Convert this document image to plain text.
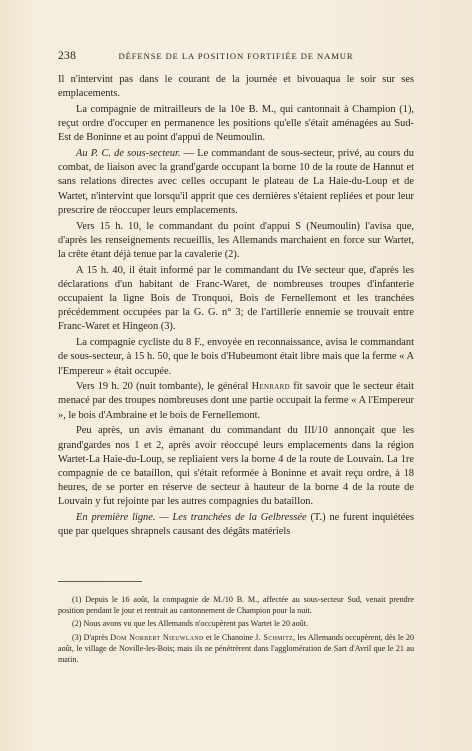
238	DÉFENSE DE LA POSITION FORTIFIÉE DE NAMUR

Il n'intervint pas dans le courant de la journée et bivouaqua le soir sur ses emplacements.

La compagnie de mitrailleurs de la 10e B. M., qui cantonnait à Champion (1), reçut ordre d'occuper en permanence les positions qu'elle s'était aménagées au Sud-Est de Boninne et au point d'appui de Neumoulin.

Au P. C. de sous-secteur. — Le commandant de sous-secteur, privé, au cours du combat, de liaison avec la grand'garde occupant la borne 10 de la route de Hannut et sans relations directes avec celles occupant le plateau de La Haie-du-Loup et de Wartet, n'intervint que lorsqu'il apprit que ces dernières s'étaient repliées et pour leur prescrire de réoccuper leurs emplacements.

Vers 15 h. 10, le commandant du point d'appui S (Neumoulin) l'avisa que, d'après les renseignements recueillis, les Allemands marchaient en force sur Wartet, la crête étant déjà tenue par la cavalerie (2).

A 15 h. 40, il était informé par le commandant du IVe secteur que, d'après les déclarations d'un habitant de Franc-Waret, de nombreuses troupes d'infanterie occupaient la ligne Bois de Tronquoi, Bois de Fernellemont et les tranchées précédemment occupées par la G. G. n° 3; de l'artillerie ennemie se trouvait entre Franc-Waret et Hingeon (3).

La compagnie cycliste du 8 F., envoyée en reconnaissance, avisa le commandant de sous-secteur, à 15 h. 50, que le bois d'Hubeumont était libre mais que la ferme « A l'Empereur » était occupée.

Vers 19 h. 20 (nuit tombante), le général Henrard fit savoir que le secteur était menacé par des troupes nombreuses dont une partie occupait la ferme « A l'Empereur », le bois d'Ambraine et le bois de Fernellemont.

Peu après, un avis émanant du commandant du III/10 annonçait que les grand'gardes nos 1 et 2, après avoir réoccupé leurs emplacements dans la région Wartet-La Haie-du-Loup, se repliaient vers la borne 4 de la route de Louvain. La 1re compagnie de ce bataillon, qui s'était reformée à Boninne et avait reçu ordre, à 18 heures, de se porter en réserve de secteur à hauteur de la borne 4 de la route de Louvain y fut rejointe par les autres compagnies du bataillon.

En première ligne. — Les tranchées de la Gelbressée (T.) ne furent inquiétées que par quelques shrapnels causant des dégâts matériels

(1) Depuis le 16 août, la compagnie de M./10 B. M., affectée au sous-secteur Sud, venait prendre position pendant le jour et rentrait au cantonnement de Champion pour la nuit.

(2) Nous avons vu que les Allemands n'occupèrent pas Wartet le 20 août.

(3) D'après Dom Norbert Nieuwland et le Chanoine J. Schmitz, les Allemands occupèrent, dès le 20 août, le village de Noville-les-Bois; mais ils ne pénétrèrent dans l'agglomération de Sart d'Avril que le 21 au matin.
